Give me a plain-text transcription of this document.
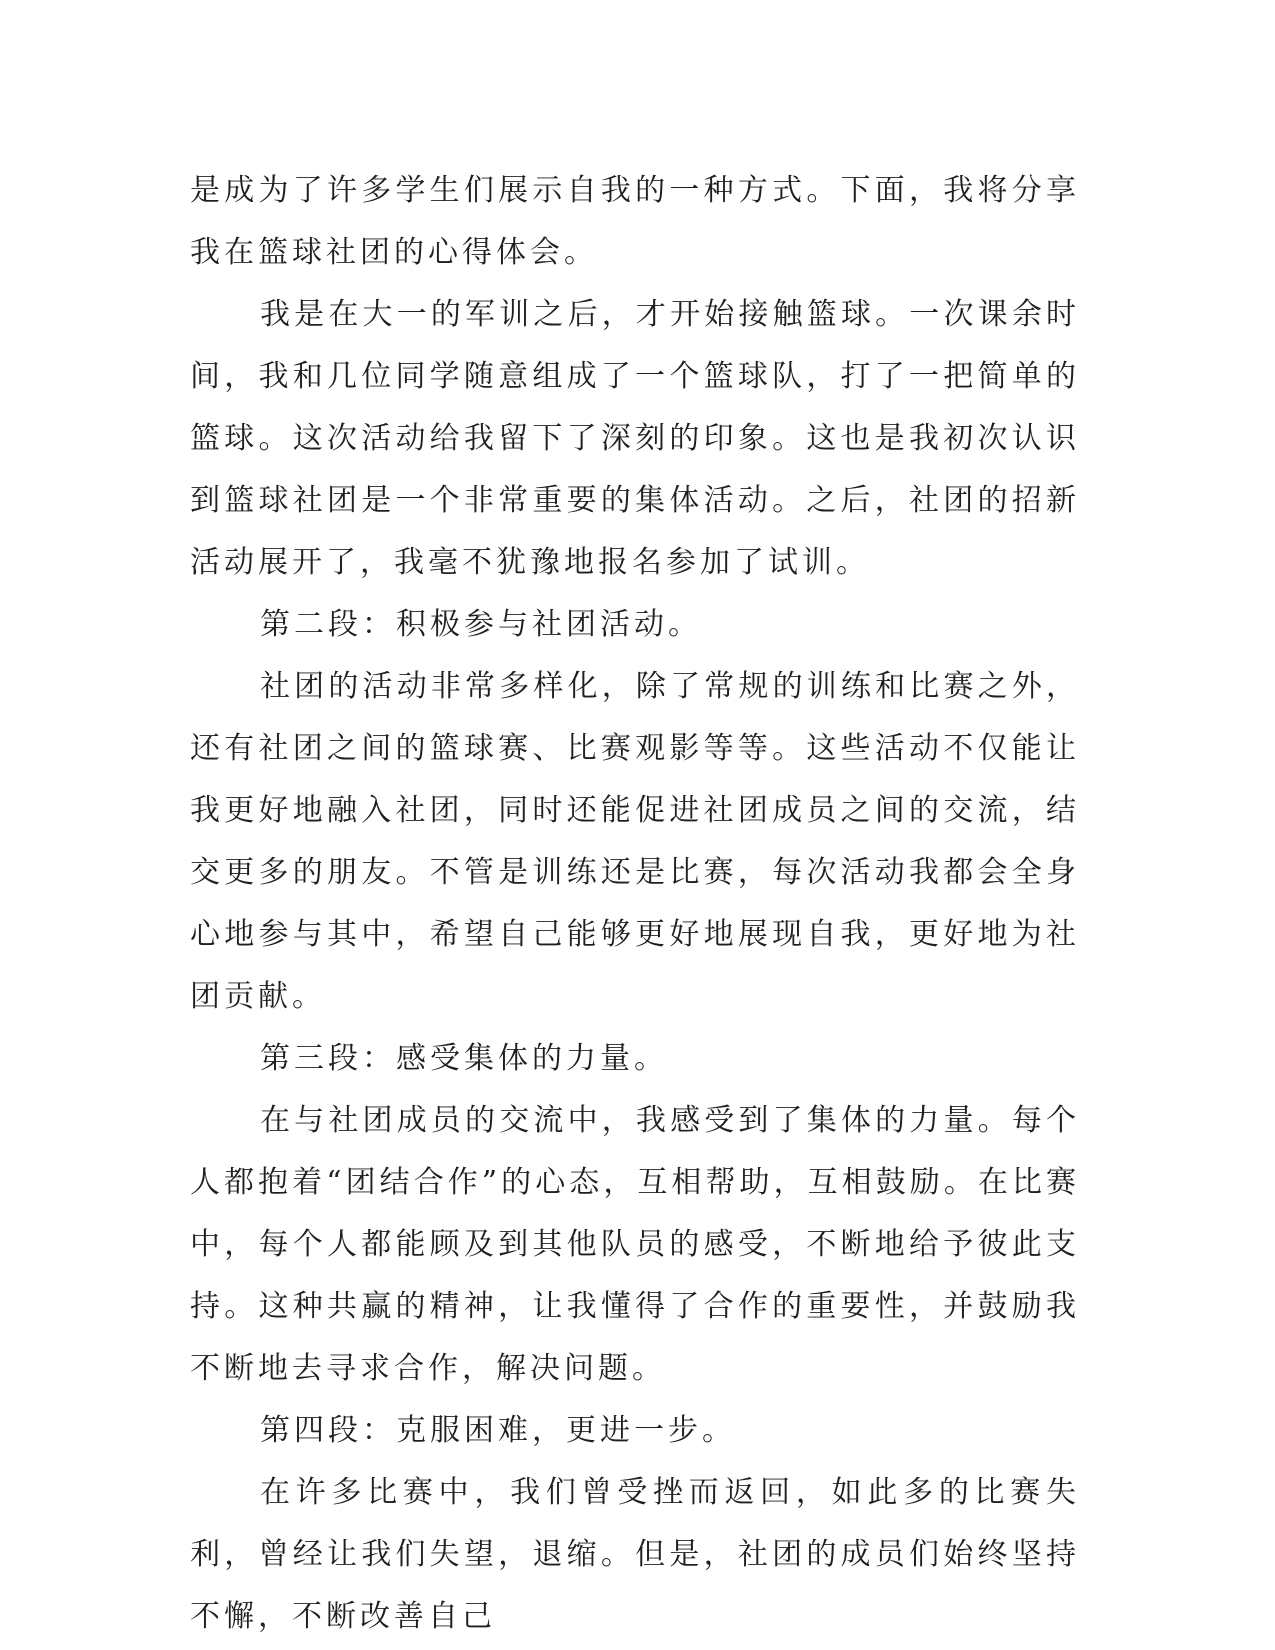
是成为了许多学生们展示自我的一种方式。下面，我将分享我在篮球社团的心得体会。

我是在大一的军训之后，才开始接触篮球。一次课余时间，我和几位同学随意组成了一个篮球队，打了一把简单的篮球。这次活动给我留下了深刻的印象。这也是我初次认识到篮球社团是一个非常重要的集体活动。之后，社团的招新活动展开了，我毫不犹豫地报名参加了试训。

第二段：积极参与社团活动。

社团的活动非常多样化，除了常规的训练和比赛之外，还有社团之间的篮球赛、比赛观影等等。这些活动不仅能让我更好地融入社团，同时还能促进社团成员之间的交流，结交更多的朋友。不管是训练还是比赛，每次活动我都会全身心地参与其中，希望自己能够更好地展现自我，更好地为社团贡献。

第三段：感受集体的力量。

在与社团成员的交流中，我感受到了集体的力量。每个人都抱着“团结合作”的心态，互相帮助，互相鼓励。在比赛中，每个人都能顾及到其他队员的感受，不断地给予彼此支持。这种共赢的精神，让我懂得了合作的重要性，并鼓励我不断地去寻求合作，解决问题。

第四段：克服困难，更进一步。

在许多比赛中，我们曾受挫而返回，如此多的比赛失利，曾经让我们失望，退缩。但是，社团的成员们始终坚持不懈，不断改善自己
